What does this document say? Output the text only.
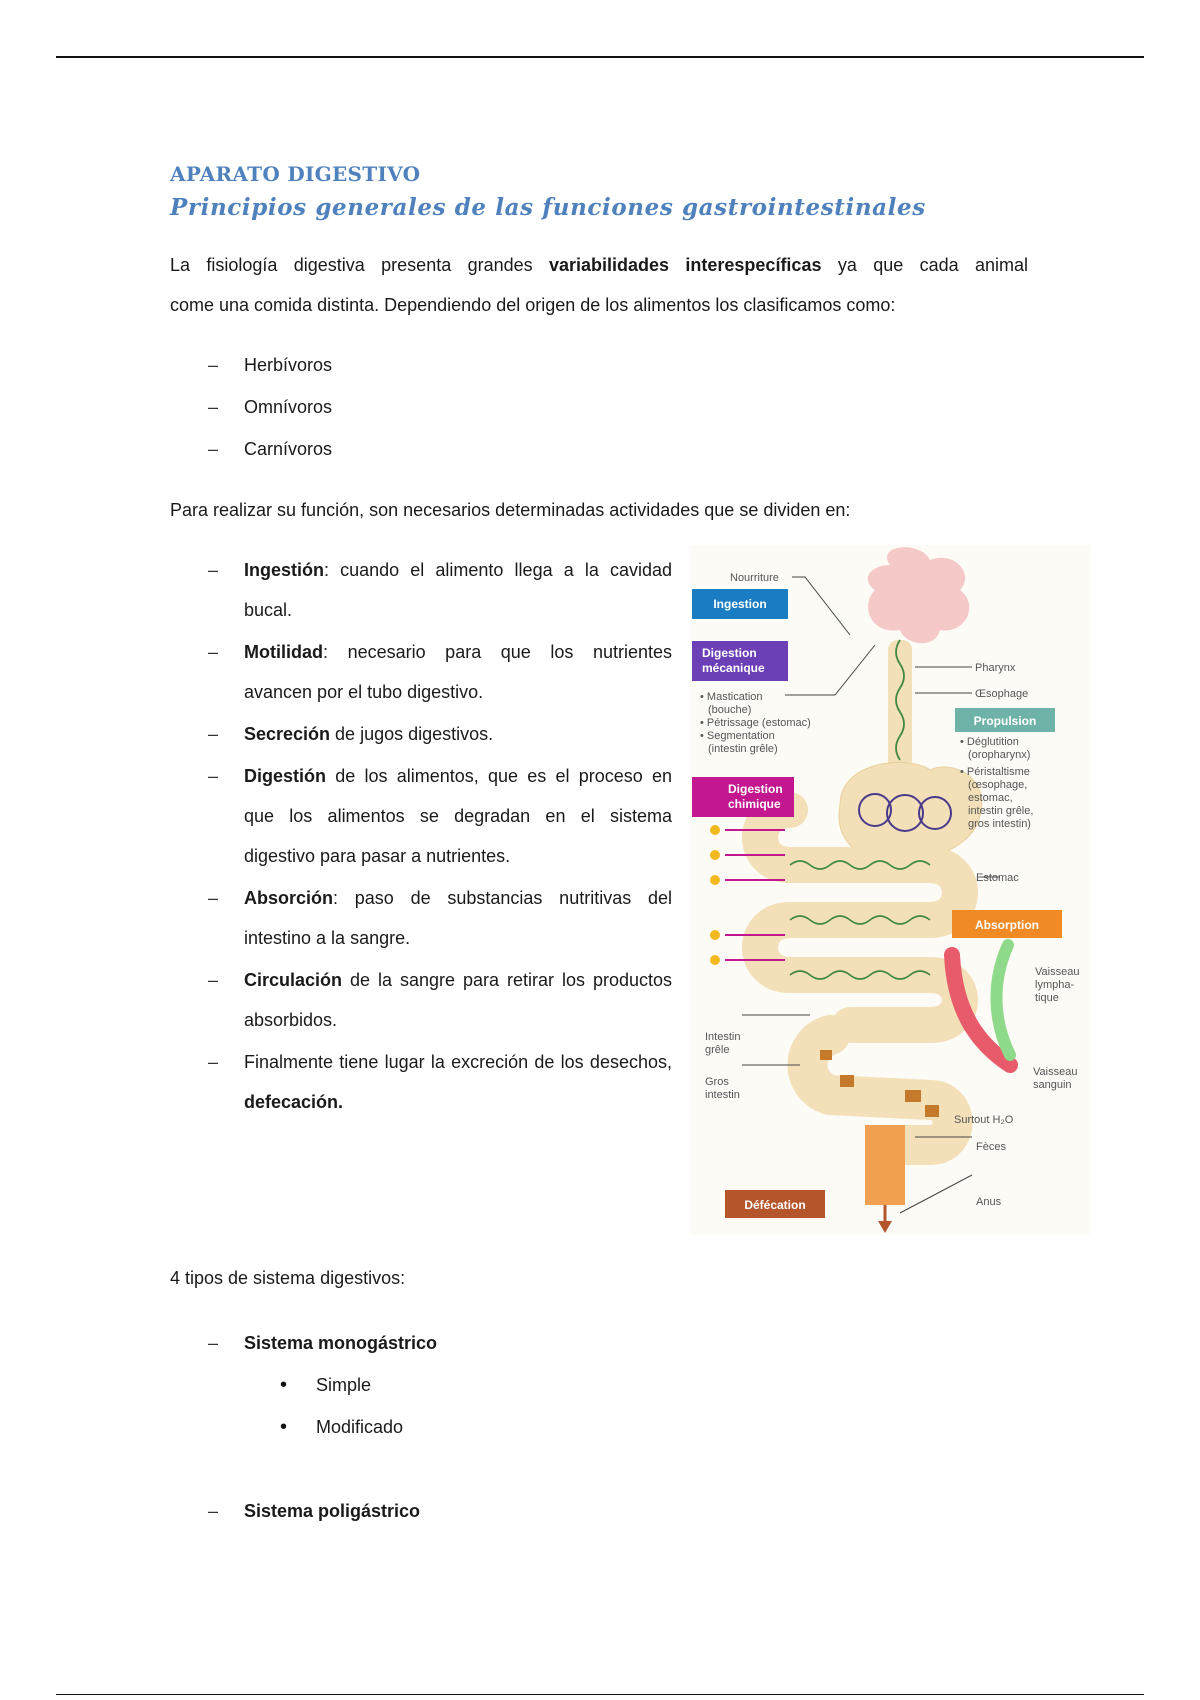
APARATO DIGESTIVO
Principios generales de las funciones gastrointestinales

La fisiología digestiva presenta grandes variabilidades interespecíficas ya que cada animal

come una comida distinta. Dependiendo del origen de los alimentos los clasificamos como:

– Herbívoros
– Omnívoros
– Carnívoros

Para realizar su función, son necesarios determinadas actividades que se dividen en:

– Ingestión: cuando el alimento llega a la cavidad bucal.
– Motilidad: necesario para que los nutrientes avancen por el tubo digestivo.
– Secreción de jugos digestivos.
– Digestión de los alimentos, que es el proceso en que los alimentos se degradan en el sistema digestivo para pasar a nutrientes.
– Absorción: paso de substancias nutritivas del intestino a la sangre.
– Circulación de la sangre para retirar los productos absorbidos.
– Finalmente tiene lugar la excreción de los desechos, defecación.
Ingestion
Digestion
mécanique
Digestion
chimique
Propulsion
Absorption
Défécation
Nourriture
Pharynx
Œsophage
• Mastication
(bouche)
• Pétrissage (estomac)
• Segmentation
(intestin grêle)
• Déglutition
(oropharynx)
• Péristaltisme
(œsophage,
estomac,
intestin grêle,
gros intestin)
Estomac
Vaisseau
lympha-
tique
Vaisseau
sanguin
Intestin
grêle
Gros
intestin
Surtout H₂O
Fèces
Anus

4 tipos de sistema digestivos:

– Sistema monogástrico
• Simple
• Modificado
– Sistema poligástrico
